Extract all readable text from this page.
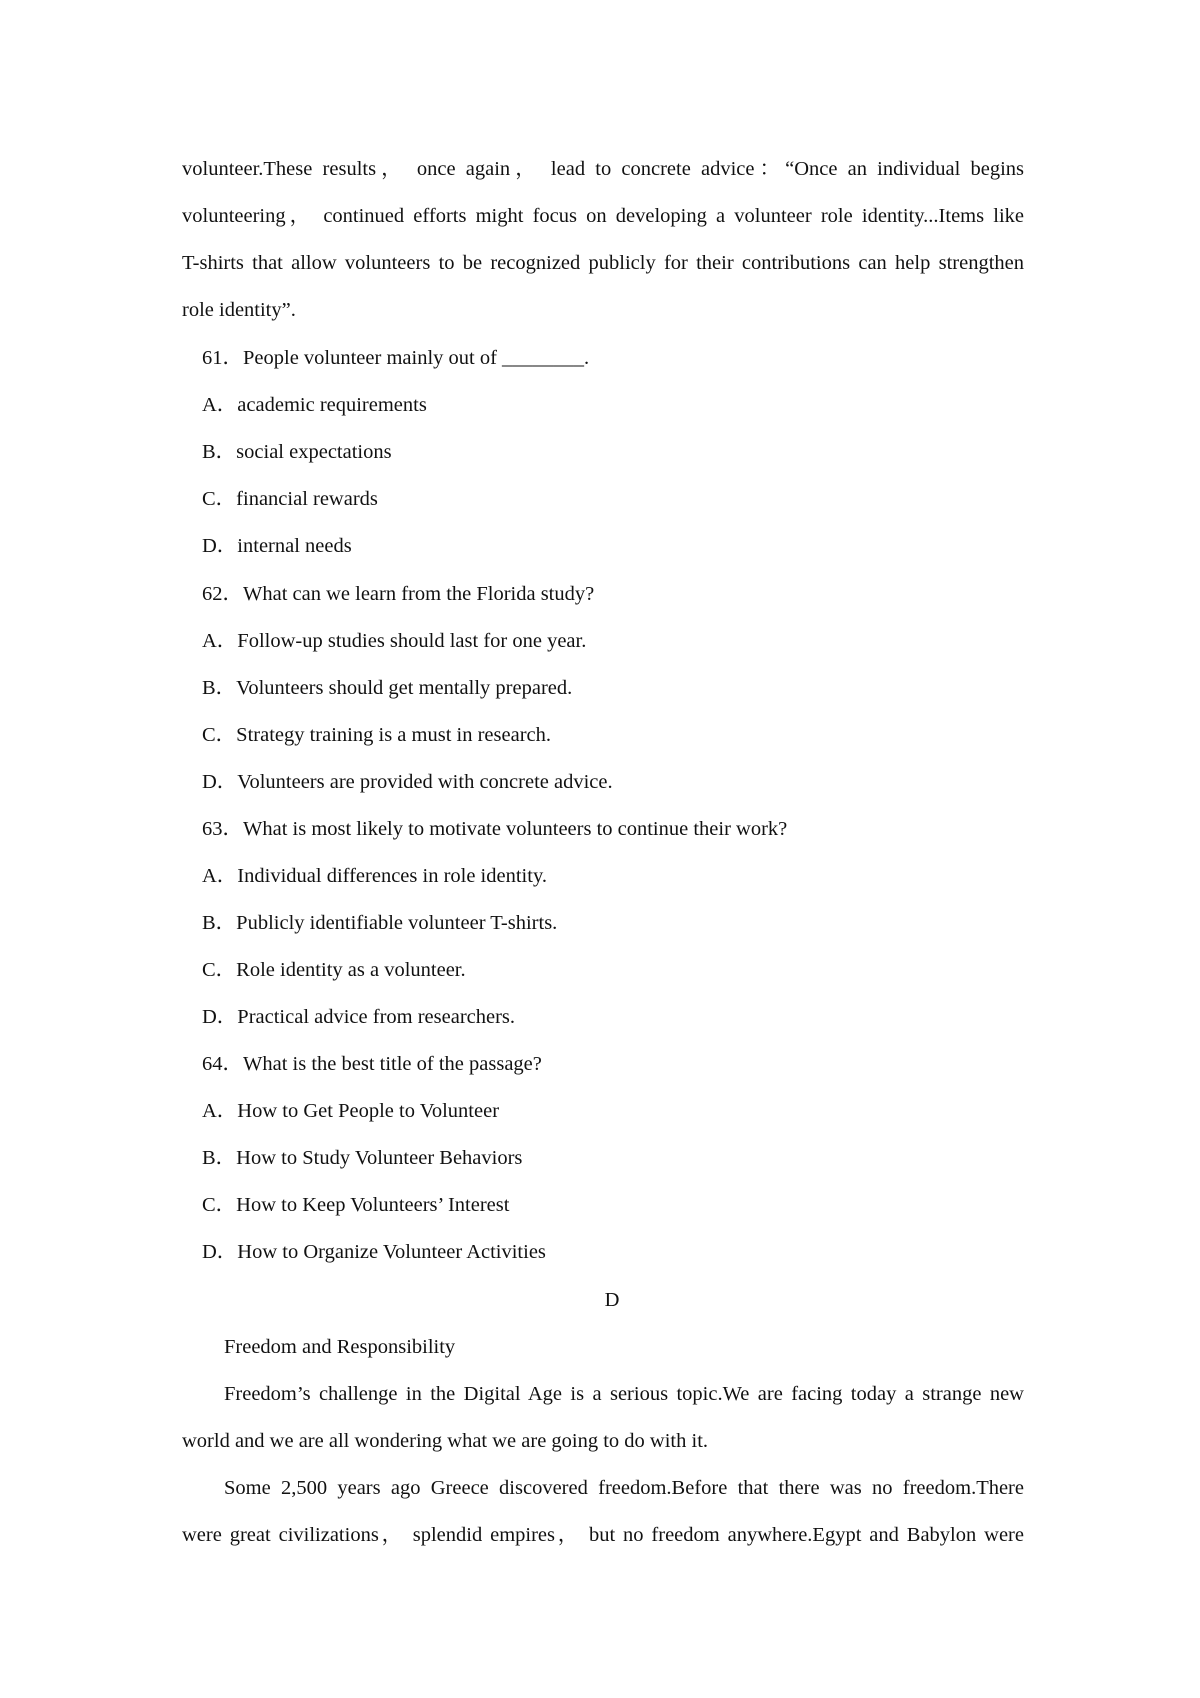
volunteer.These results， once again， lead to concrete advice：“Once an individual begins
volunteering， continued efforts might focus on developing a volunteer role identity...Items like
T-shirts that allow volunteers to be recognized publicly for their contributions can help strengthen
role identity”.
61．People volunteer mainly out of ________.
A．academic requirements
B．social expectations
C．financial rewards
D．internal needs
62．What can we learn from the Florida study?
A．Follow-up studies should last for one year.
B．Volunteers should get mentally prepared.
C．Strategy training is a must in research.
D．Volunteers are provided with concrete advice.
63．What is most likely to motivate volunteers to continue their work?
A．Individual differences in role identity.
B．Publicly identifiable volunteer T-shirts.
C．Role identity as a volunteer.
D．Practical advice from researchers.
64．What is the best title of the passage?
A．How to Get People to Volunteer
B．How to Study Volunteer Behaviors
C．How to Keep Volunteers’ Interest
D．How to Organize Volunteer Activities
D
Freedom and Responsibility
Freedom’s challenge in the Digital Age is a serious topic.We are facing today a strange new
world and we are all wondering what we are going to do with it.
Some 2,500 years ago Greece discovered freedom.Before that there was no freedom.There
were great civilizations， splendid empires， but no freedom anywhere.Egypt and Babylon were
